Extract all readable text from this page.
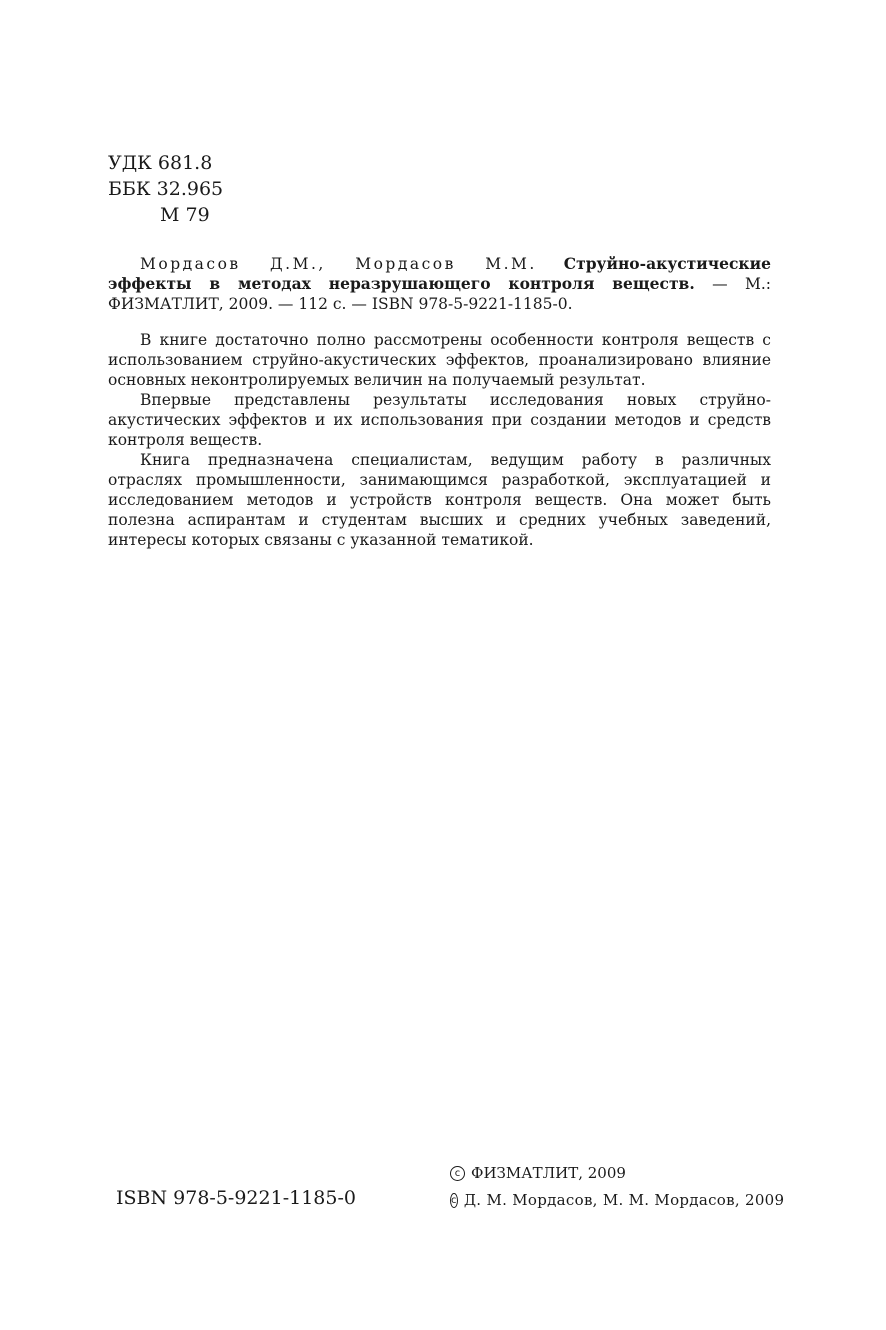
УДК 681.8
ББК 32.965
М 79

Мордасов Д.М., Мордасов М.М. Струйно-акустические эффекты в методах неразрушающего контроля веществ. — М.: ФИЗМАТЛИТ, 2009. — 112 с. — ISBN 978-5-9221-1185-0.

В книге достаточно полно рассмотрены особенности контроля веществ с использованием струйно-акустических эффектов, проанализировано влияние основных неконтролируемых величин на получаемый результат.

Впервые представлены результаты исследования новых струйно-акустических эффектов и их использования при создании методов и средств контроля веществ.

Книга предназначена специалистам, ведущим работу в различных отраслях промышленности, занимающимся разработкой, эксплуатацией и исследованием методов и устройств контроля веществ. Она может быть полезна аспирантам и студентам высших и средних учебных заведений, интересы которых связаны с указанной тематикой.

ISBN 978-5-9221-1185-0
c ФИЗМАТЛИТ, 2009
c Д. М. Мордасов, М. М. Мордасов, 2009
